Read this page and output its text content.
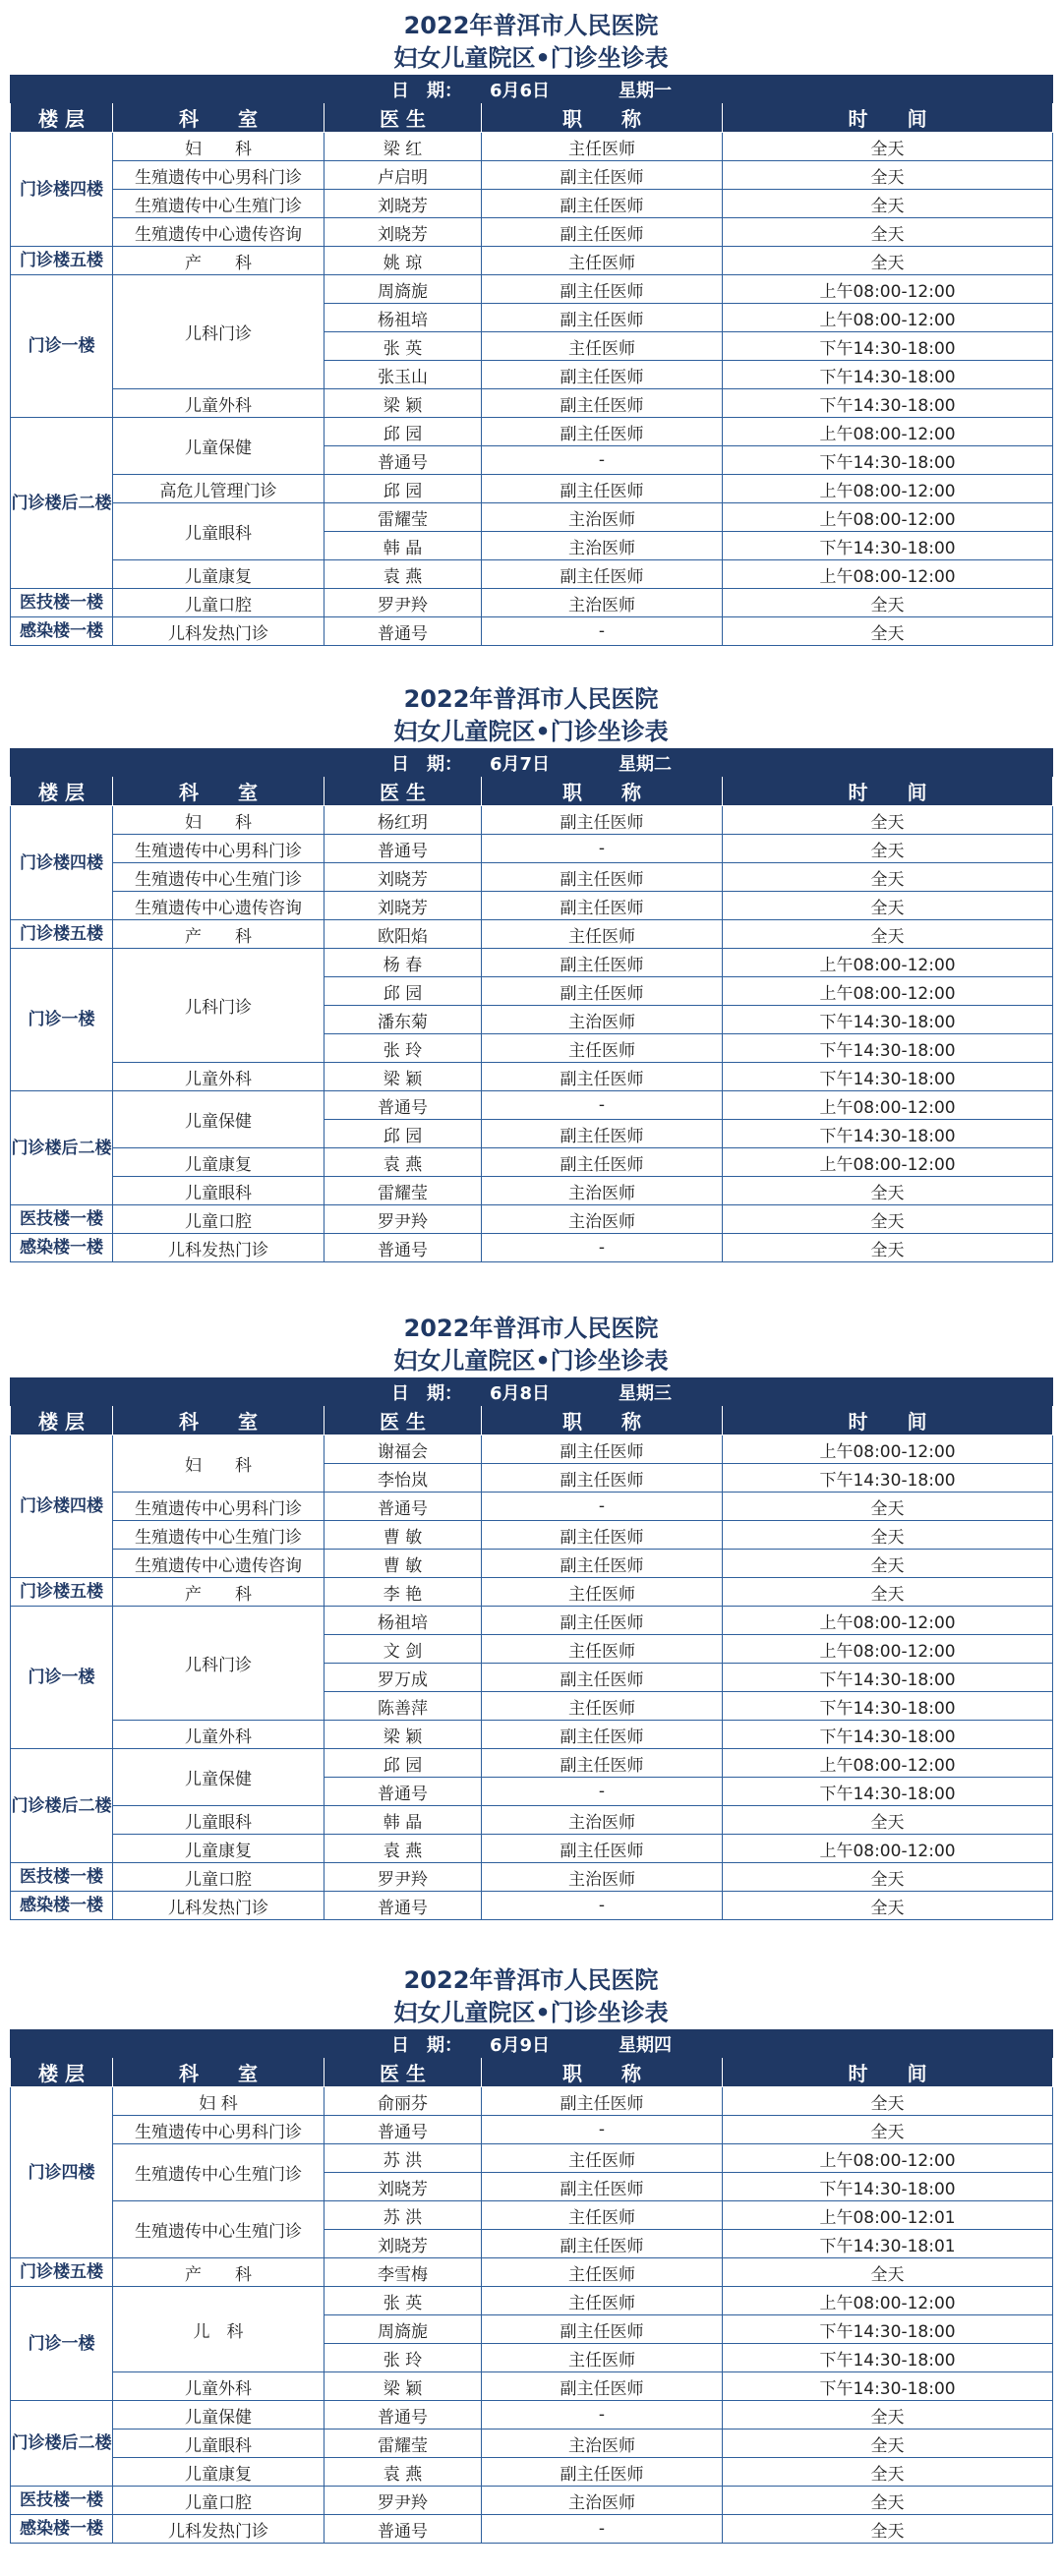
2022年普洱市人民医院
妇女儿童院区•门诊坐诊表
日　期： 6月6日 星期一				
楼 层	科　　室	医 生	职　　称	时　　间
门诊楼四楼	妇　　科	梁 红	主任医师	全天
	生殖遗传中心男科门诊	卢启明	副主任医师	全天
	生殖遗传中心生殖门诊	刘晓芳	副主任医师	全天
	生殖遗传中心遗传咨询	刘晓芳	副主任医师	全天
门诊楼五楼	产　　科	姚 琼	主任医师	全天
门诊一楼	儿科门诊	周旖旎	副主任医师	上午08:00-12:00
		杨祖培	副主任医师	上午08:00-12:00
		张 英	主任医师	下午14:30-18:00
		张玉山	副主任医师	下午14:30-18:00
	儿童外科	梁 颖	副主任医师	下午14:30-18:00
门诊楼后二楼	儿童保健	邱 园	副主任医师	上午08:00-12:00
		普通号	-	下午14:30-18:00
	高危儿管理门诊	邱 园	副主任医师	上午08:00-12:00
	儿童眼科	雷耀莹	主治医师	上午08:00-12:00
		韩 晶	主治医师	下午14:30-18:00
	儿童康复	袁 燕	副主任医师	上午08:00-12:00
医技楼一楼	儿童口腔	罗尹羚	主治医师	全天
感染楼一楼	儿科发热门诊	普通号	-	全天
2022年普洱市人民医院
妇女儿童院区•门诊坐诊表
日　期： 6月7日 星期二				
楼 层	科　　室	医 生	职　　称	时　　间
门诊楼四楼	妇　　科	杨红玥	副主任医师	全天
	生殖遗传中心男科门诊	普通号	-	全天
	生殖遗传中心生殖门诊	刘晓芳	副主任医师	全天
	生殖遗传中心遗传咨询	刘晓芳	副主任医师	全天
门诊楼五楼	产　　科	欧阳焰	主任医师	全天
门诊一楼	儿科门诊	杨 春	副主任医师	上午08:00-12:00
		邱 园	副主任医师	上午08:00-12:00
		潘东菊	主治医师	下午14:30-18:00
		张 玲	主任医师	下午14:30-18:00
	儿童外科	梁 颖	副主任医师	下午14:30-18:00
门诊楼后二楼	儿童保健	普通号	-	上午08:00-12:00
		邱 园	副主任医师	下午14:30-18:00
	儿童康复	袁 燕	副主任医师	上午08:00-12:00
	儿童眼科	雷耀莹	主治医师	全天
医技楼一楼	儿童口腔	罗尹羚	主治医师	全天
感染楼一楼	儿科发热门诊	普通号	-	全天
2022年普洱市人民医院
妇女儿童院区•门诊坐诊表
日　期： 6月8日 星期三				
楼 层	科　　室	医 生	职　　称	时　　间
门诊楼四楼	妇　　科	谢福会	副主任医师	上午08:00-12:00
		李怡岚	副主任医师	下午14:30-18:00
	生殖遗传中心男科门诊	普通号	-	全天
	生殖遗传中心生殖门诊	曹 敏	副主任医师	全天
	生殖遗传中心遗传咨询	曹 敏	副主任医师	全天
门诊楼五楼	产　　科	李 艳	主任医师	全天
门诊一楼	儿科门诊	杨祖培	副主任医师	上午08:00-12:00
		文 剑	主任医师	上午08:00-12:00
		罗万成	副主任医师	下午14:30-18:00
		陈善萍	主任医师	下午14:30-18:00
	儿童外科	梁 颖	副主任医师	下午14:30-18:00
门诊楼后二楼	儿童保健	邱 园	副主任医师	上午08:00-12:00
		普通号	-	下午14:30-18:00
	儿童眼科	韩 晶	主治医师	全天
	儿童康复	袁 燕	副主任医师	上午08:00-12:00
医技楼一楼	儿童口腔	罗尹羚	主治医师	全天
感染楼一楼	儿科发热门诊	普通号	-	全天
2022年普洱市人民医院
妇女儿童院区•门诊坐诊表
日　期： 6月9日 星期四				
楼 层	科　　室	医 生	职　　称	时　　间
门诊四楼	妇 科	俞丽芬	副主任医师	全天
	生殖遗传中心男科门诊	普通号	-	全天
	生殖遗传中心生殖门诊	苏 洪	主任医师	上午08:00-12:00
		刘晓芳	副主任医师	下午14:30-18:00
	生殖遗传中心生殖门诊	苏 洪	主任医师	上午08:00-12:01
		刘晓芳	副主任医师	下午14:30-18:01
门诊楼五楼	产　　科	李雪梅	主任医师	全天
门诊一楼	儿　科	张 英	主任医师	上午08:00-12:00
		周旖旎	副主任医师	下午14:30-18:00
		张 玲	主任医师	下午14:30-18:00
	儿童外科	梁 颖	副主任医师	下午14:30-18:00
门诊楼后二楼	儿童保健	普通号	-	全天
	儿童眼科	雷耀莹	主治医师	全天
	儿童康复	袁 燕	副主任医师	全天
医技楼一楼	儿童口腔	罗尹羚	主治医师	全天
感染楼一楼	儿科发热门诊	普通号	-	全天
